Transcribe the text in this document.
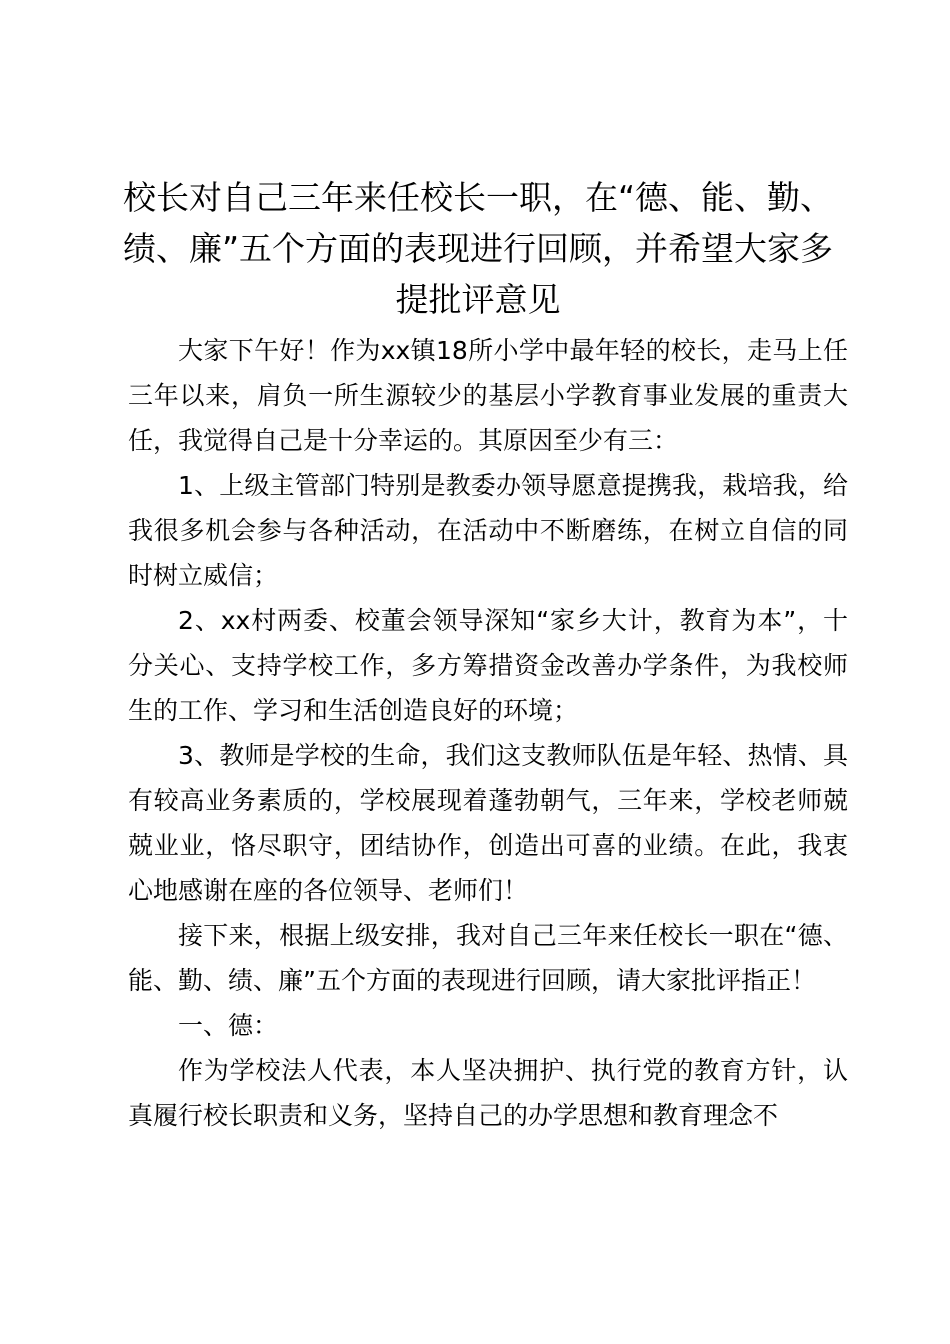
校长对自己三年来任校长一职，在“德、能、勤、绩、廉”五个方面的表现进行回顾，并希望大家多提批评意见

大家下午好！作为xx镇18所小学中最年轻的校长，走马上任三年以来，肩负一所生源较少的基层小学教育事业发展的重责大任，我觉得自己是十分幸运的。其原因至少有三：

1、上级主管部门特别是教委办领导愿意提携我，栽培我，给我很多机会参与各种活动，在活动中不断磨练，在树立自信的同时树立威信；

2、xx村两委、校董会领导深知“家乡大计，教育为本”，十分关心、支持学校工作，多方筹措资金改善办学条件，为我校师生的工作、学习和生活创造良好的环境；

3、教师是学校的生命，我们这支教师队伍是年轻、热情、具有较高业务素质的，学校展现着蓬勃朝气，三年来，学校老师兢兢业业，恪尽职守，团结协作，创造出可喜的业绩。在此，我衷心地感谢在座的各位领导、老师们！

接下来，根据上级安排，我对自己三年来任校长一职在“德、能、勤、绩、廉”五个方面的表现进行回顾，请大家批评指正！

一、德：

作为学校法人代表，本人坚决拥护、执行党的教育方针，认真履行校长职责和义务，坚持自己的办学思想和教育理念不
